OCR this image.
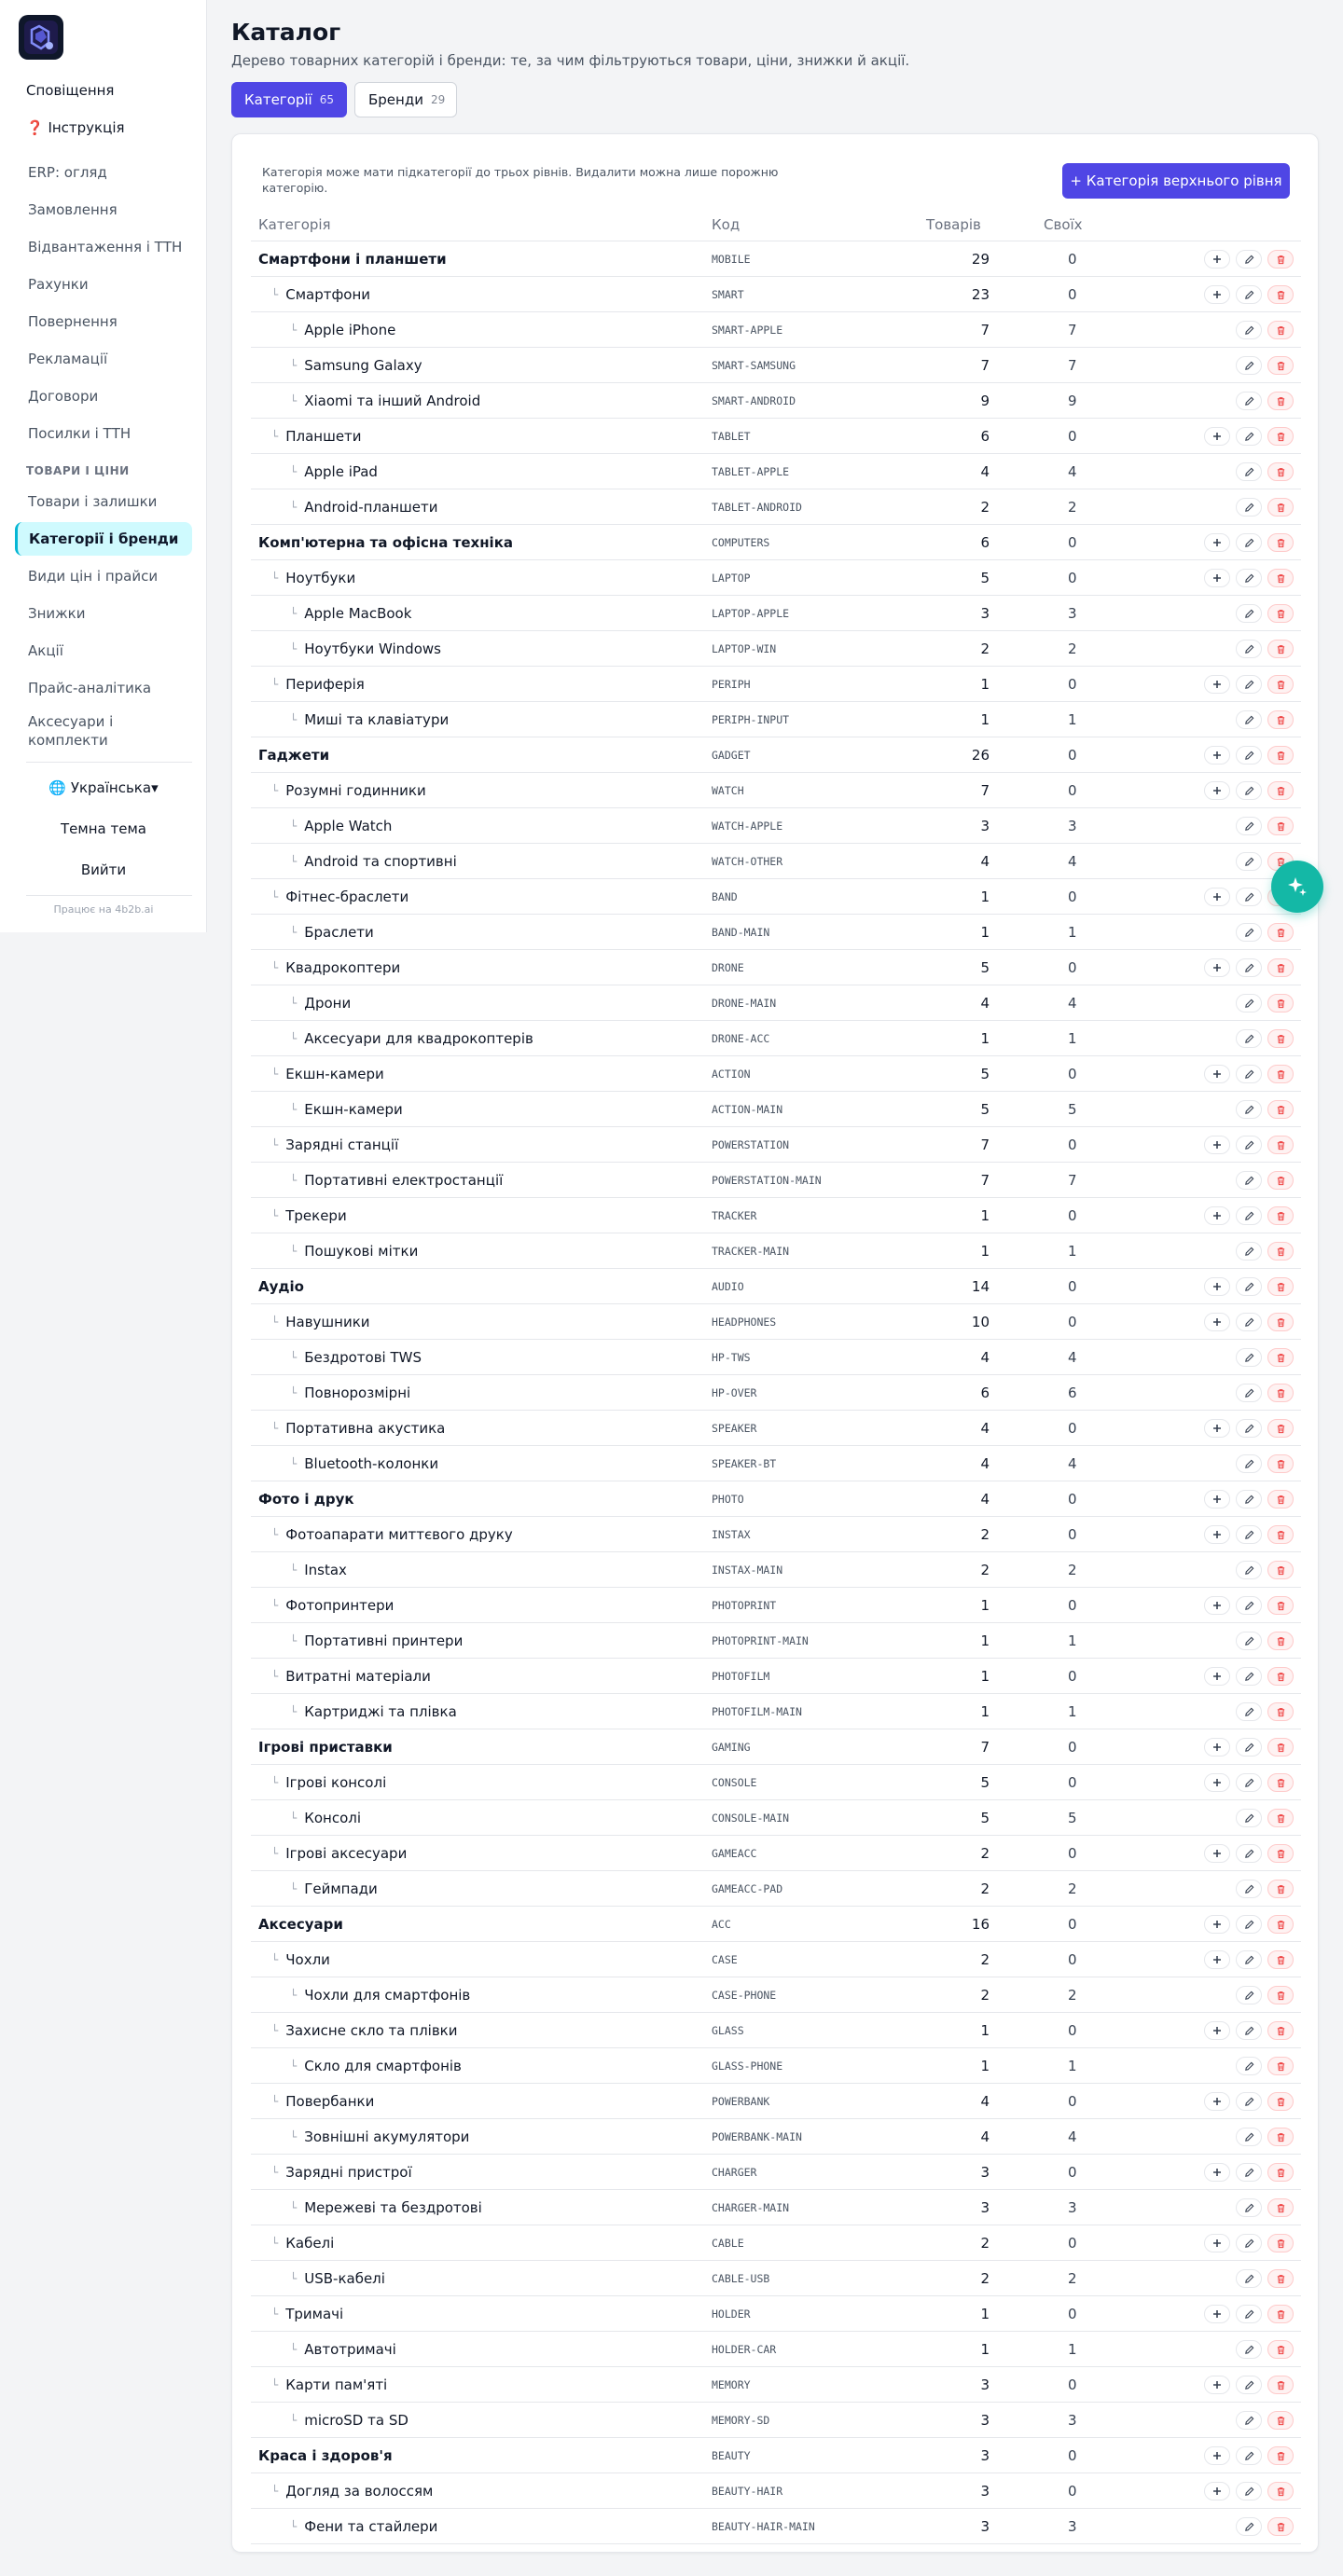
Сповіщення
❓ Інструкція
ERP: огляд
Замовлення
Відвантаження і ТТН
Рахунки
Повернення
Рекламації
Договори
Посилки і ТТН
ТОВАРИ І ЦІНИ
Товари і залишки
Категорії і бренди
Види цін і прайси
Знижки
Акції
Прайс-аналітика
Аксесуари і комплекти
🌐 Українська▾
Темна тема
Вийти
Працює на 4b2b.ai
Каталог

Дерево товарних категорій і бренди: те, за чим фільтруються товари, ціни, знижки й акції.

Категорії 65 Бренди 29

Категорія може мати підкатегорії до трьох рівнів. Видалити можна лише порожню категорію.	+ Категорія верхнього рівня
Категорія	Код	Товарів	Своїх
Смартфони і планшети	MOBILE	29	0
└ Смартфони	SMART	23	0
└ Apple iPhone	SMART-APPLE	7	7
└ Samsung Galaxy	SMART-SAMSUNG	7	7
└ Xiaomi та інший Android	SMART-ANDROID	9	9
└ Планшети	TABLET	6	0
└ Apple iPad	TABLET-APPLE	4	4
└ Android-планшети	TABLET-ANDROID	2	2
Комп'ютерна та офісна техніка	COMPUTERS	6	0
└ Ноутбуки	LAPTOP	5	0
└ Apple MacBook	LAPTOP-APPLE	3	3
└ Ноутбуки Windows	LAPTOP-WIN	2	2
└ Периферія	PERIPH	1	0
└ Миші та клавіатури	PERIPH-INPUT	1	1
Гаджети	GADGET	26	0
└ Розумні годинники	WATCH	7	0
└ Apple Watch	WATCH-APPLE	3	3
└ Android та спортивні	WATCH-OTHER	4	4
└ Фітнес-браслети	BAND	1	0
└ Браслети	BAND-MAIN	1	1
└ Квадрокоптери	DRONE	5	0
└ Дрони	DRONE-MAIN	4	4
└ Аксесуари для квадрокоптерів	DRONE-ACC	1	1
└ Екшн-камери	ACTION	5	0
└ Екшн-камери	ACTION-MAIN	5	5
└ Зарядні станції	POWERSTATION	7	0
└ Портативні електростанції	POWERSTATION-MAIN	7	7
└ Трекери	TRACKER	1	0
└ Пошукові мітки	TRACKER-MAIN	1	1
Аудіо	AUDIO	14	0
└ Навушники	HEADPHONES	10	0
└ Бездротові TWS	HP-TWS	4	4
└ Повнорозмірні	HP-OVER	6	6
└ Портативна акустика	SPEAKER	4	0
└ Bluetooth-колонки	SPEAKER-BT	4	4
Фото і друк	PHOTO	4	0
└ Фотоапарати миттєвого друку	INSTAX	2	0
└ Instax	INSTAX-MAIN	2	2
└ Фотопринтери	PHOTOPRINT	1	0
└ Портативні принтери	PHOTOPRINT-MAIN	1	1
└ Витратні матеріали	PHOTOFILM	1	0
└ Картриджі та плівка	PHOTOFILM-MAIN	1	1
Ігрові приставки	GAMING	7	0
└ Ігрові консолі	CONSOLE	5	0
└ Консолі	CONSOLE-MAIN	5	5
└ Ігрові аксесуари	GAMEACC	2	0
└ Геймпади	GAMEACC-PAD	2	2
Аксесуари	ACC	16	0
└ Чохли	CASE	2	0
└ Чохли для смартфонів	CASE-PHONE	2	2
└ Захисне скло та плівки	GLASS	1	0
└ Скло для смартфонів	GLASS-PHONE	1	1
└ Повербанки	POWERBANK	4	0
└ Зовнішні акумулятори	POWERBANK-MAIN	4	4
└ Зарядні пристрої	CHARGER	3	0
└ Мережеві та бездротові	CHARGER-MAIN	3	3
└ Кабелі	CABLE	2	0
└ USB-кабелі	CABLE-USB	2	2
└ Тримачі	HOLDER	1	0
└ Автотримачі	HOLDER-CAR	1	1
└ Карти пам'яті	MEMORY	3	0
└ microSD та SD	MEMORY-SD	3	3
Краса і здоров'я	BEAUTY	3	0
└ Догляд за волоссям	BEAUTY-HAIR	3	0
└ Фени та стайлери	BEAUTY-HAIR-MAIN	3	3
